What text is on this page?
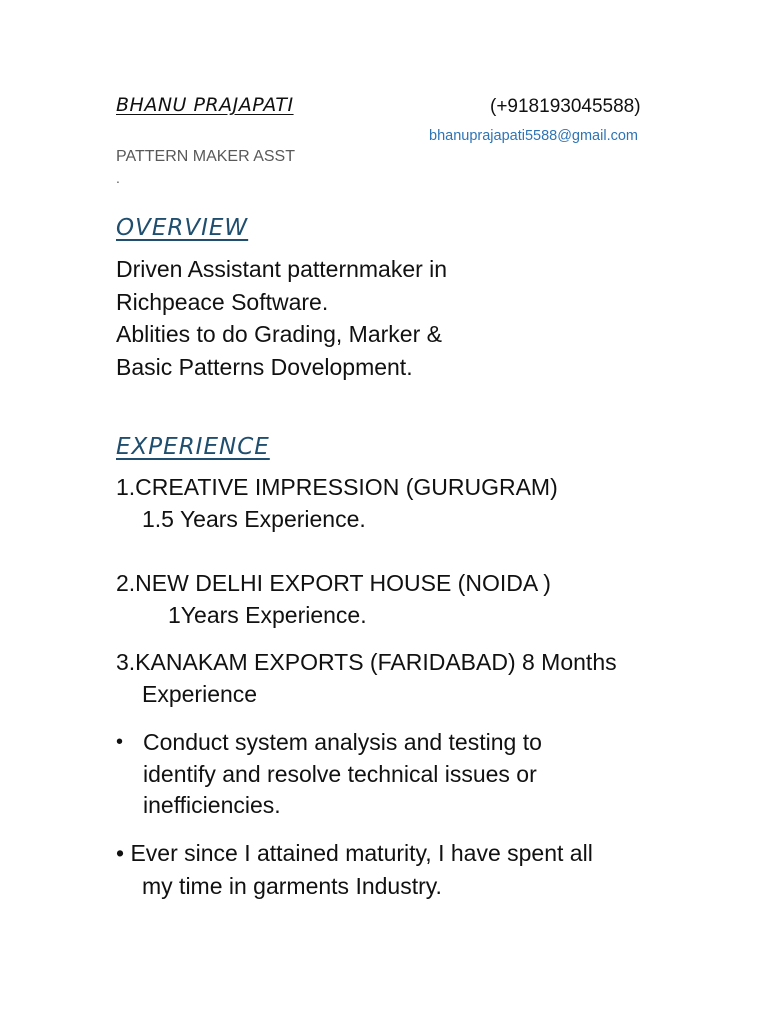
BHANU PRAJAPATI	(+918193045588)
bhanuprajapati5588@gmail.com
PATTERN MAKER ASST
.
OVERVIEW
Driven Assistant patternmaker in
Richpeace Software.
Ablities to do Grading, Marker &
Basic Patterns Dovelopment.
EXPERIENCE
1.CREATIVE IMPRESSION (GURUGRAM)
1.5 Years Experience.
2.NEW DELHI EXPORT HOUSE (NOIDA )
1Years Experience.
3.KANAKAM EXPORTS (FARIDABAD) 8 Months
Experience
• Conduct system analysis and testing to
identify and resolve technical issues or
inefficiencies.
• Ever since I attained maturity, I have spent all
my time in garments Industry.
